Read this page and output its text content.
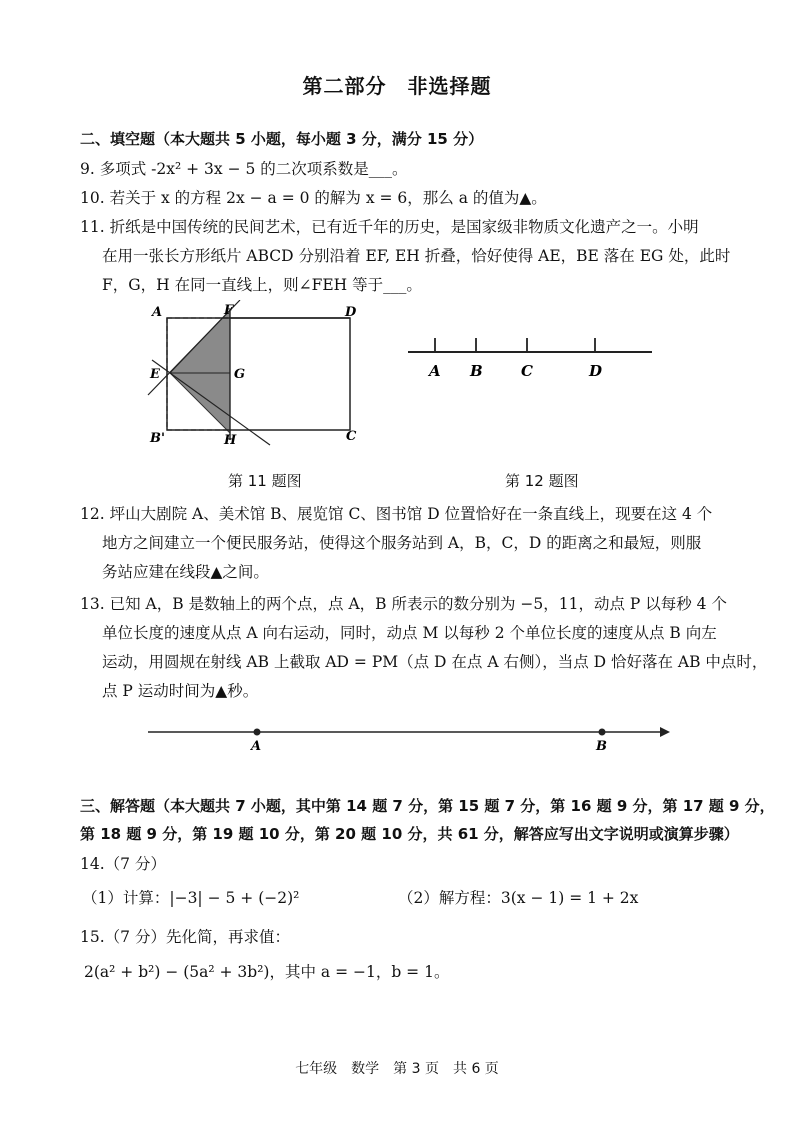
第二部分　非选择题
二、填空题（本大题共 5 小题，每小题 3 分，满分 15 分）
9. 多项式 -2x² + 3x − 5 的二次项系数是___。
10. 若关于 x 的方程 2x − a = 0 的解为 x = 6，那么 a 的值为▲。
11. 折纸是中国传统的民间艺术，已有近千年的历史，是国家级非物质文化遗产之一。小明
在用一张长方形纸片 ABCD 分别沿着 EF, EH 折叠，恰好使得 AE，BE 落在 EG 处，此时
F，G，H 在同一直线上，则∠FEH 等于___。
A	F	D
E	G
B'	H	C
第 11 题图
A B	C	D
第 12 题图
12. 坪山大剧院 A、美术馆 B、展览馆 C、图书馆 D 位置恰好在一条直线上，现要在这 4 个
地方之间建立一个便民服务站，使得这个服务站到 A，B，C，D 的距离之和最短，则服
务站应建在线段▲之间。
13. 已知 A，B 是数轴上的两个点，点 A，B 所表示的数分别为 −5，11，动点 P 以每秒 4 个
单位长度的速度从点 A 向右运动，同时，动点 M 以每秒 2 个单位长度的速度从点 B 向左
运动，用圆规在射线 AB 上截取 AD = PM（点 D 在点 A 右侧），当点 D 恰好落在 AB 中点时，
点 P 运动时间为▲秒。
A	B
三、解答题（本大题共 7 小题，其中第 14 题 7 分，第 15 题 7 分，第 16 题 9 分，第 17 题 9 分，
第 18 题 9 分，第 19 题 10 分，第 20 题 10 分，共 61 分，解答应写出文字说明或演算步骤）
14.（7 分）
（1）计算：|−3| − 5 + (−2)²	（2）解方程：3(x − 1) = 1 + 2x
15.（7 分）先化简，再求值：
2(a² + b²) − (5a² + 3b²)，其中 a = −1，b = 1。
七年级　数学　第 3 页　共 6 页
